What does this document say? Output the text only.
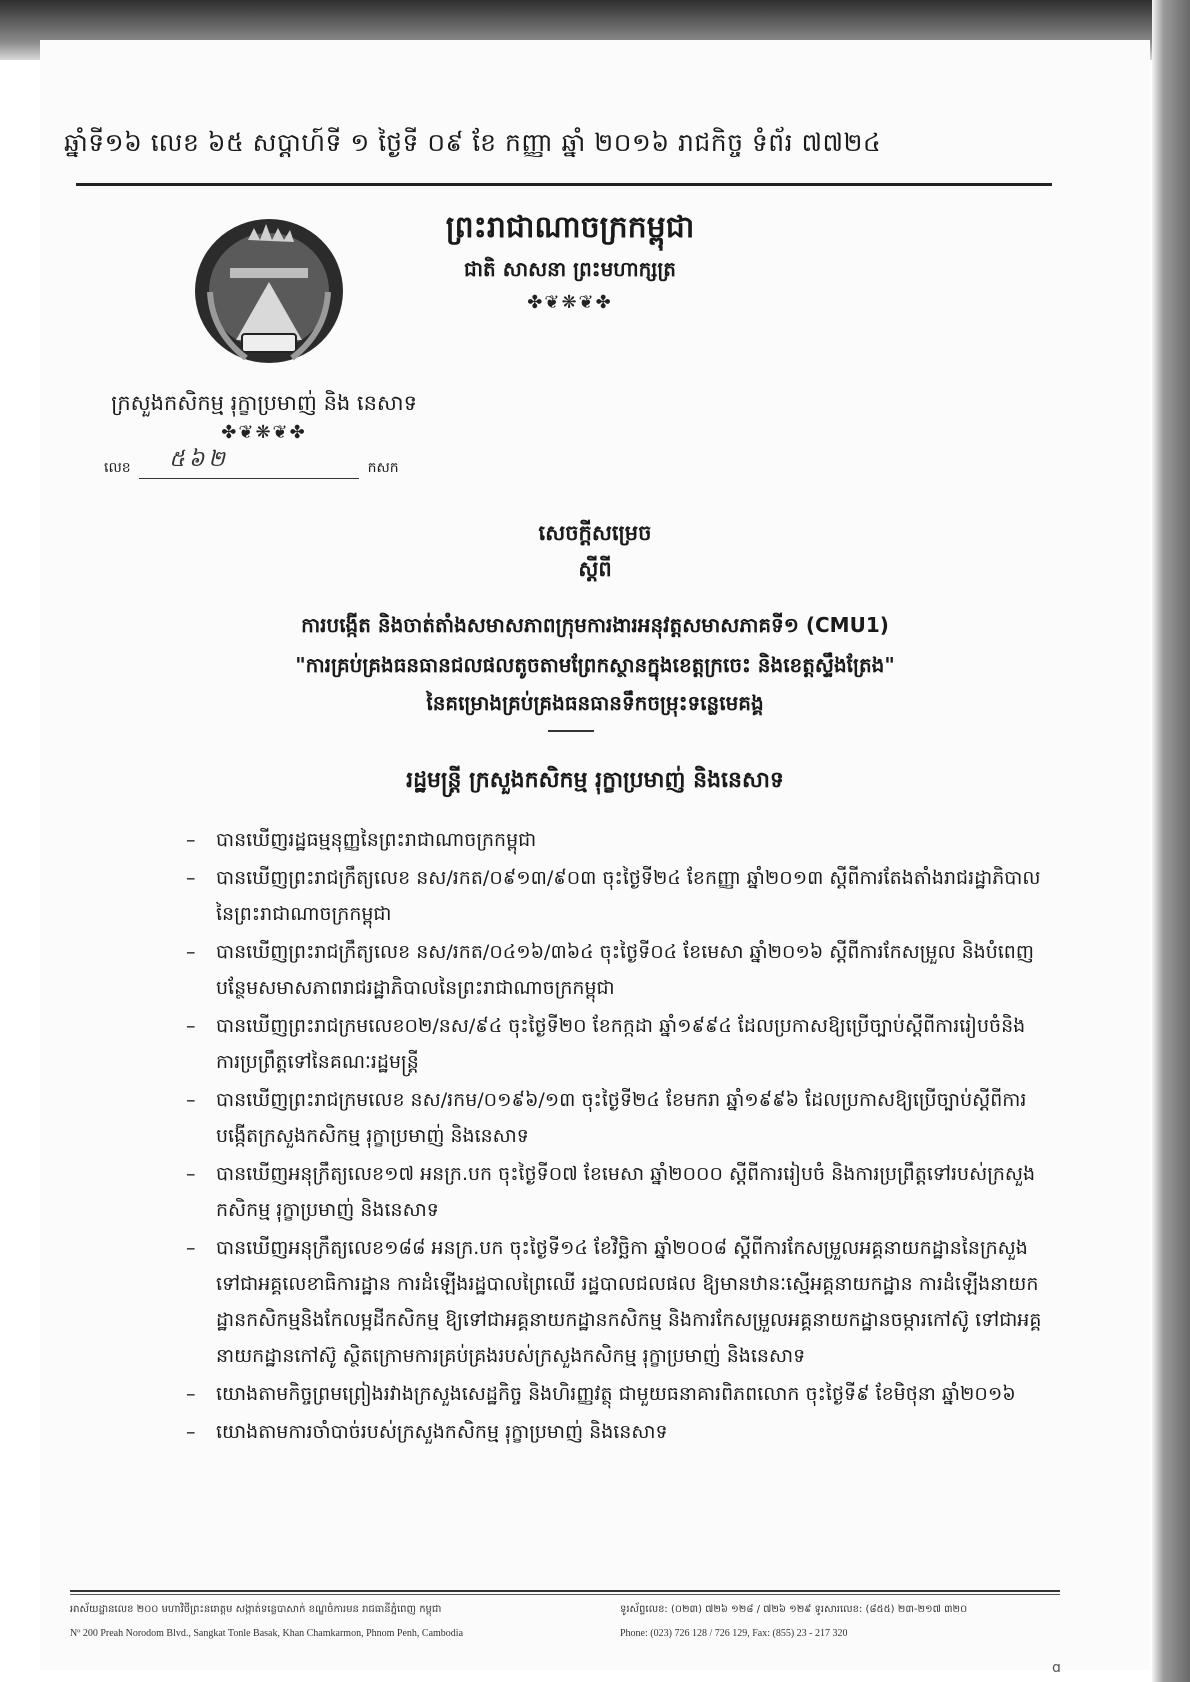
ឆ្នាំទី១៦ លេខ ៦៥ សប្តាហ៍ទី ១ ថ្ងៃទី ០៩ ខែ កញ្ញា ឆ្នាំ ២០១៦ រាជកិច្ច ទំព័រ ៧៧២៤
ក្រសួងកសិកម្ម រុក្ខាប្រមាញ់ និង នេសាទ
✤❦❋❦✤
លេខ ៥៦២	កសក
ព្រះរាជាណាចក្រកម្ពុជា
ជាតិ សាសនា ព្រះមហាក្សត្រ
✤❦❋❦✤
សេចក្តីសម្រេច
ស្តីពី
ការបង្កើត និងចាត់តាំងសមាសភាពក្រុមការងារអនុវត្តសមាសភាគទី១ (CMU1)
"ការគ្រប់គ្រងធនធានជលផលតូចតាមព្រែកស្ថានក្នុងខេត្តក្រចេះ និងខេត្តស្ទឹងត្រែង"
នៃគម្រោងគ្រប់គ្រងធនធានទឹកចម្រុះទន្លេមេគង្គ
រដ្ឋមន្ត្រី ក្រសួងកសិកម្ម រុក្ខាប្រមាញ់ និងនេសាទ
– បានឃើញរដ្ឋធម្មនុញ្ញនៃព្រះរាជាណាចក្រកម្ពុជា
– បានឃើញព្រះរាជក្រឹត្យលេខ នស/រកត/០៩១៣/៩០៣ ចុះថ្ងៃទី២៤ ខែកញ្ញា ឆ្នាំ២០១៣ ស្តីពីការតែងតាំងរាជរដ្ឋាភិបាលនៃព្រះរាជាណាចក្រកម្ពុជា
– បានឃើញព្រះរាជក្រឹត្យលេខ នស/រកត/០៤១៦/៣៦៤ ចុះថ្ងៃទី០៤ ខែមេសា ឆ្នាំ២០១៦ ស្តីពីការកែសម្រួល និងបំពេញបន្ថែមសមាសភាពរាជរដ្ឋាភិបាលនៃព្រះរាជាណាចក្រកម្ពុជា
– បានឃើញព្រះរាជក្រមលេខ០២/នស/៩៤ ចុះថ្ងៃទី២០ ខែកក្កដា ឆ្នាំ១៩៩៤ ដែលប្រកាសឱ្យប្រើច្បាប់ស្តីពីការរៀបចំនិងការប្រព្រឹត្តទៅនៃគណៈរដ្ឋមន្ត្រី
– បានឃើញព្រះរាជក្រមលេខ នស/រកម/០១៩៦/១៣ ចុះថ្ងៃទី២៤ ខែមករា ឆ្នាំ១៩៩៦ ដែលប្រកាសឱ្យប្រើច្បាប់ស្តីពីការបង្កើតក្រសួងកសិកម្ម រុក្ខាប្រមាញ់ និងនេសាទ
– បានឃើញអនុក្រឹត្យលេខ១៧ អនក្រ.បក ចុះថ្ងៃទី០៧ ខែមេសា ឆ្នាំ២០០០ ស្តីពីការរៀបចំ និងការប្រព្រឹត្តទៅរបស់ក្រសួងកសិកម្ម រុក្ខាប្រមាញ់ និងនេសាទ
– បានឃើញអនុក្រឹត្យលេខ១៨៨ អនក្រ.បក ចុះថ្ងៃទី១៤ ខែវិច្ឆិកា ឆ្នាំ២០០៨ ស្តីពីការកែសម្រួលអគ្គនាយកដ្ឋាននៃក្រសួង ទៅជាអគ្គលេខាធិការដ្ឋាន ការដំឡើងរដ្ឋបាលព្រៃឈើ រដ្ឋបាលជលផល ឱ្យមានឋានៈស្មើអគ្គនាយកដ្ឋាន ការដំឡើងនាយកដ្ឋានកសិកម្មនិងកែលម្អដីកសិកម្ម ឱ្យទៅជាអគ្គនាយកដ្ឋានកសិកម្ម និងការកែសម្រួលអគ្គនាយកដ្ឋានចម្ការកៅស៊ូ ទៅជាអគ្គនាយកដ្ឋានកៅស៊ូ ស្ថិតក្រោមការគ្រប់គ្រងរបស់ក្រសួងកសិកម្ម រុក្ខាប្រមាញ់ និងនេសាទ
– យោងតាមកិច្ចព្រមព្រៀងរវាងក្រសួងសេដ្ឋកិច្ច និងហិរញ្ញវត្ថុ ជាមួយធនាគារពិភពលោក ចុះថ្ងៃទី៩ ខែមិថុនា ឆ្នាំ២០១៦
– យោងតាមការចាំបាច់របស់ក្រសួងកសិកម្ម រុក្ខាប្រមាញ់ និងនេសាទ
អាស័យដ្ឋានលេខ ២០០ មហាវិថីព្រះនរោត្តម សង្កាត់ទន្លេបាសាក់ ខណ្ឌចំការមន រាជធានីភ្នំពេញ កម្ពុជា
Nº 200 Preah Norodom Blvd., Sangkat Tonle Basak, Khan Chamkarmon, Phnom Penh, Cambodia
ទូរស័ព្ទលេខ: (០២៣) ៧២៦ ១២៨ / ៧២៦ ១២៩ ទូរសារលេខ: (៨៥៥) ២៣-២១៧ ៣២០
Phone: (023) 726 128 / 726 129, Fax: (855) 23 - 217 320
ɑ
